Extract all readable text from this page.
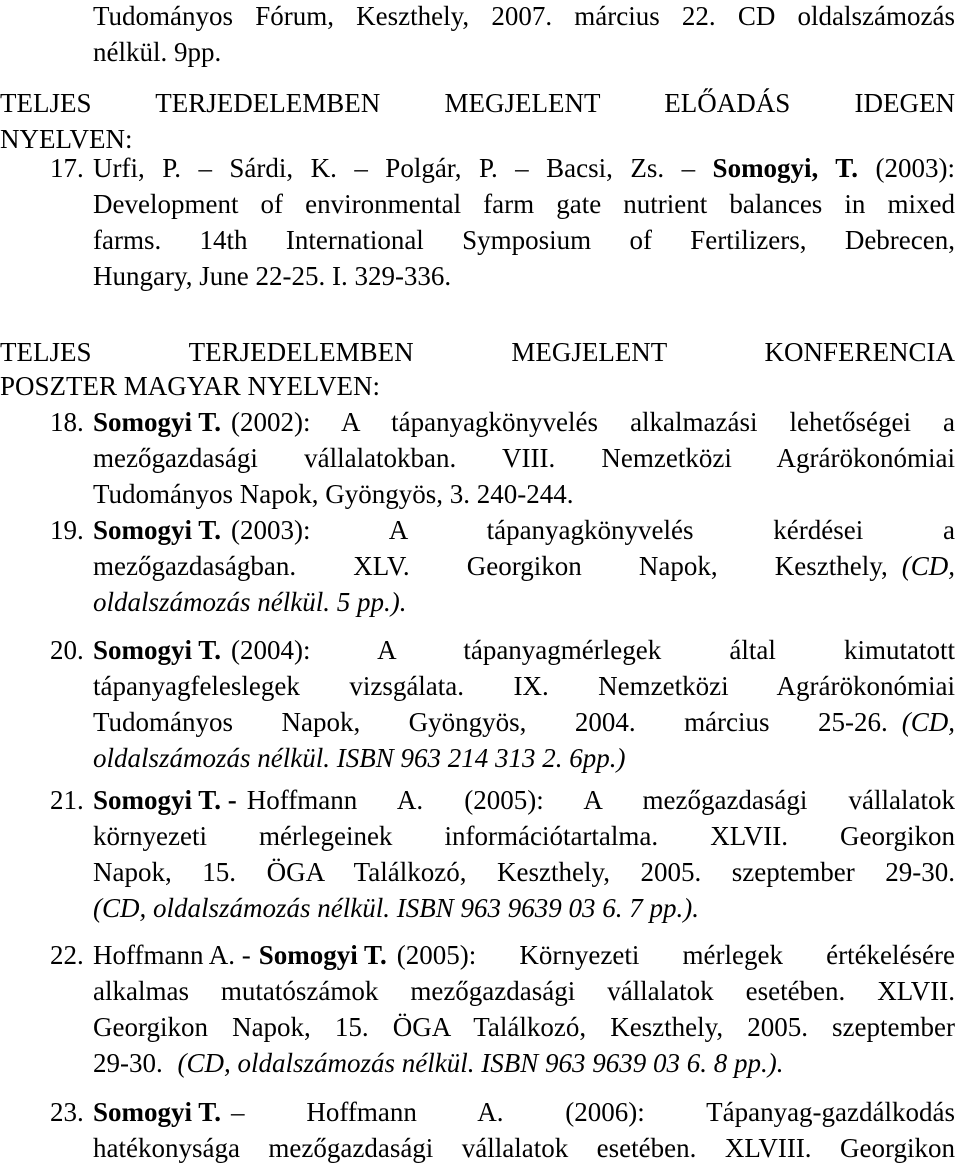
Tudományos Fórum, Keszthely, 2007. március 22. CD oldalszámozás
nélkül. 9pp.
TELJES TERJEDELEMBEN MEGJELENT ELŐADÁS IDEGEN
NYELVEN:
17. Urfi, P. – Sárdi, K. – Polgár, P. – Bacsi, Zs. – Somogyi, T. (2003):
Development of environmental farm gate nutrient balances in mixed
farms. 14th International Symposium of Fertilizers, Debrecen,
Hungary, June 22-25. I. 329-336.
TELJES TERJEDELEMBEN MEGJELENT KONFERENCIA
POSZTER MAGYAR NYELVEN:
18. Somogyi T. (2002): A tápanyagkönyvelés alkalmazási lehetőségei a
mezőgazdasági vállalatokban. VIII. Nemzetközi Agrárökonómiai
Tudományos Napok, Gyöngyös, 3. 240-244.
19. Somogyi T. (2003): A tápanyagkönyvelés kérdései a
mezőgazdaságban. XLV. Georgikon Napok, Keszthely, (CD,
oldalszámozás nélkül. 5 pp.).
20. Somogyi T. (2004): A tápanyagmérlegek által kimutatott
tápanyagfeleslegek vizsgálata. IX. Nemzetközi Agrárökonómiai
Tudományos Napok, Gyöngyös, 2004. március 25-26. (CD,
oldalszámozás nélkül. ISBN 963 214 313 2. 6pp.)
21. Somogyi T. - Hoffmann A. (2005): A mezőgazdasági vállalatok
környezeti mérlegeinek információtartalma. XLVII. Georgikon
Napok, 15. ÖGA Találkozó, Keszthely, 2005. szeptember 29-30.
(CD, oldalszámozás nélkül. ISBN 963 9639 03 6. 7 pp.).
22. Hoffmann A. - Somogyi T. (2005): Környezeti mérlegek értékelésére
alkalmas mutatószámok mezőgazdasági vállalatok esetében. XLVII.
Georgikon Napok, 15. ÖGA Találkozó, Keszthely, 2005. szeptember
29-30. (CD, oldalszámozás nélkül. ISBN 963 9639 03 6. 8 pp.).
23. Somogyi T. – Hoffmann A. (2006): Tápanyag-gazdálkodás
hatékonysága mezőgazdasági vállalatok esetében. XLVIII. Georgikon
